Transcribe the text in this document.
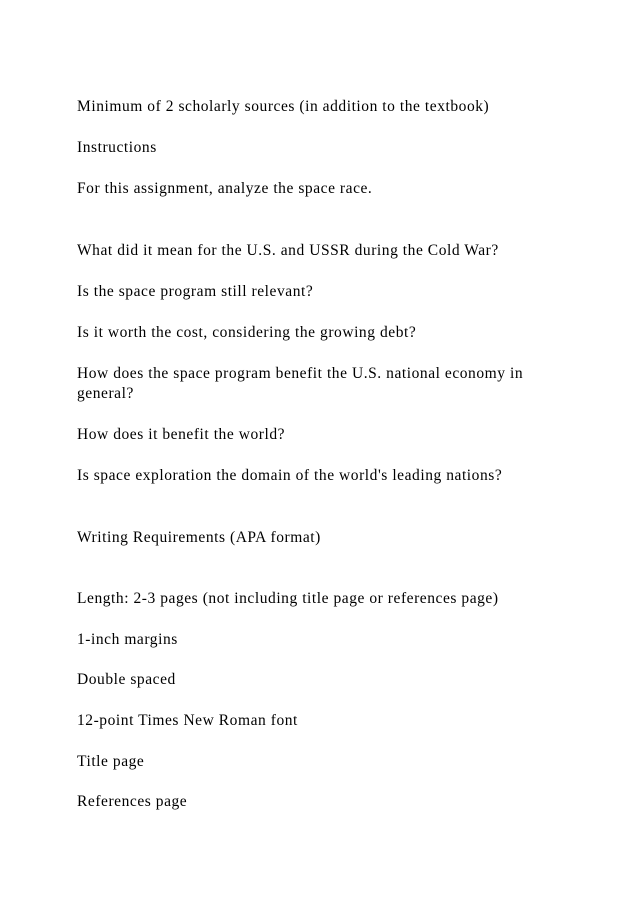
Minimum of 2 scholarly sources (in addition to the textbook)

Instructions

For this assignment, analyze the space race.

What did it mean for the U.S. and USSR during the Cold War?

Is the space program still relevant?

Is it worth the cost, considering the growing debt?

How does the space program benefit the U.S. national economy in general?

How does it benefit the world?

Is space exploration the domain of the world's leading nations?

Writing Requirements (APA format)

Length: 2-3 pages (not including title page or references page)

1-inch margins

Double spaced

12-point Times New Roman font

Title page

References page
